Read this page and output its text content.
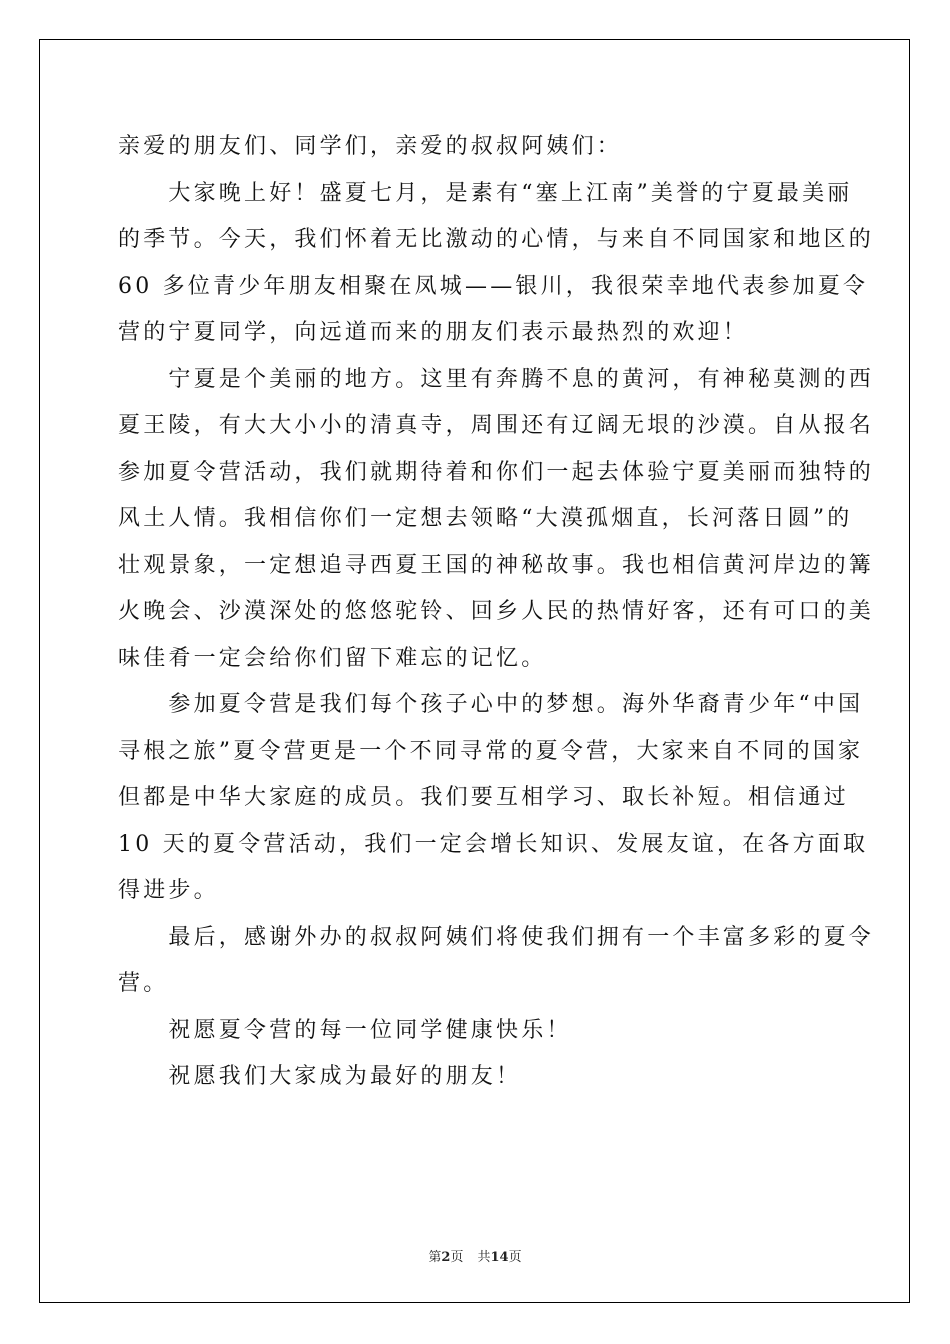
亲爱的朋友们、同学们，亲爱的叔叔阿姨们：

　　大家晚上好！盛夏七月，是素有“塞上江南”美誉的宁夏最美丽

的季节。今天，我们怀着无比激动的心情，与来自不同国家和地区的

60 多位青少年朋友相聚在凤城——银川，我很荣幸地代表参加夏令

营的宁夏同学，向远道而来的朋友们表示最热烈的欢迎！

　　宁夏是个美丽的地方。这里有奔腾不息的黄河，有神秘莫测的西

夏王陵，有大大小小的清真寺，周围还有辽阔无垠的沙漠。自从报名

参加夏令营活动，我们就期待着和你们一起去体验宁夏美丽而独特的

风土人情。我相信你们一定想去领略“大漠孤烟直，长河落日圆”的

壮观景象，一定想追寻西夏王国的神秘故事。我也相信黄河岸边的篝

火晚会、沙漠深处的悠悠驼铃、回乡人民的热情好客，还有可口的美

味佳肴一定会给你们留下难忘的记忆。

　　参加夏令营是我们每个孩子心中的梦想。海外华裔青少年“中国

寻根之旅”夏令营更是一个不同寻常的夏令营，大家来自不同的国家

但都是中华大家庭的成员。我们要互相学习、取长补短。相信通过

10 天的夏令营活动，我们一定会增长知识、发展友谊，在各方面取

得进步。

　　最后，感谢外办的叔叔阿姨们将使我们拥有一个丰富多彩的夏令

营。

　　祝愿夏令营的每一位同学健康快乐！

　　祝愿我们大家成为最好的朋友！

第2页 共14页
